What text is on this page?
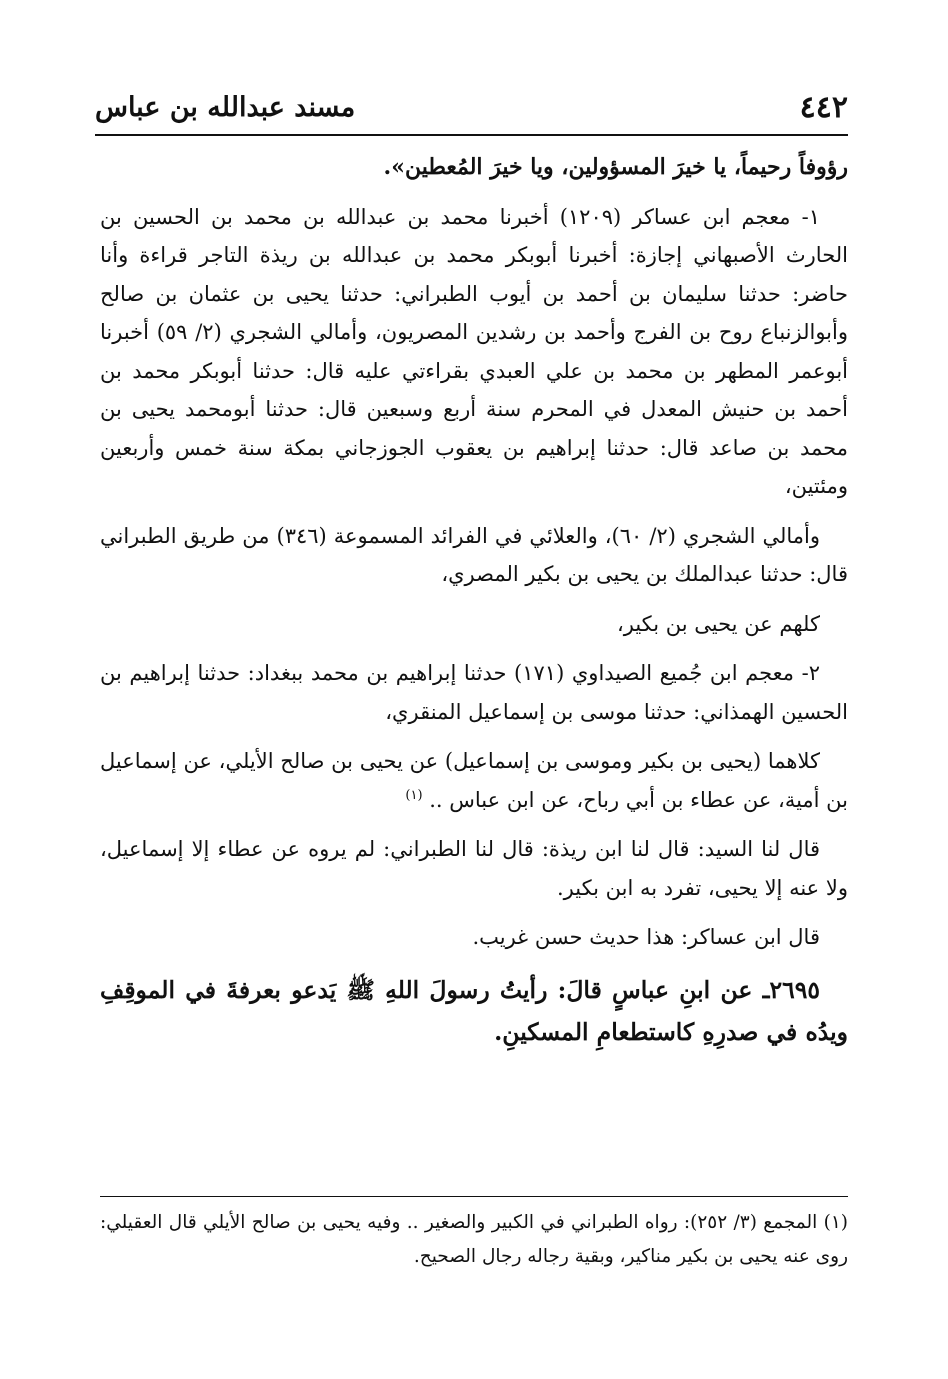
٤٤٢
مسند عبدالله بن عباس

رؤوفاً رحيماً، يا خيرَ المسؤولين، ويا خيرَ المُعطين».

١- معجم ابن عساكر (١٢٠٩) أخبرنا محمد بن عبدالله بن محمد بن الحسين بن الحارث الأصبهاني إجازة: أخبرنا أبوبكر محمد بن عبدالله بن ريذة التاجر قراءة وأنا حاضر: حدثنا سليمان بن أحمد بن أيوب الطبراني: حدثنا يحيى بن عثمان بن صالح وأبوالزنباع روح بن الفرج وأحمد بن رشدين المصريون، وأمالي الشجري (٢/ ٥٩) أخبرنا أبوعمر المطهر بن محمد بن علي العبدي بقراءتي عليه قال: حدثنا أبوبكر محمد بن أحمد بن حنيش المعدل في المحرم سنة أربع وسبعين قال: حدثنا أبومحمد يحيى بن محمد بن صاعد قال: حدثنا إبراهيم بن يعقوب الجوزجاني بمكة سنة خمس وأربعين ومئتين،

وأمالي الشجري (٢/ ٦٠)، والعلائي في الفرائد المسموعة (٣٤٦) من طريق الطبراني قال: حدثنا عبدالملك بن يحيى بن بكير المصري،

كلهم عن يحيى بن بكير،

٢- معجم ابن جُميع الصيداوي (١٧١) حدثنا إبراهيم بن محمد ببغداد: حدثنا إبراهيم بن الحسين الهمذاني: حدثنا موسى بن إسماعيل المنقري،

كلاهما (يحيى بن بكير وموسى بن إسماعيل) عن يحيى بن صالح الأيلي، عن إسماعيل بن أمية، عن عطاء بن أبي رباح، عن ابن عباس .. $^{(١)}$

قال لنا السيد: قال لنا ابن ريذة: قال لنا الطبراني: لم يروه عن عطاء إلا إسماعيل، ولا عنه إلا يحيى، تفرد به ابن بكير.

قال ابن عساكر: هذا حديث حسن غريب.

٢٦٩٥ـ عن ابنِ عباسٍ قالَ: رأيتُ رسولَ اللهِ ﷺ يَدعو بعرفةَ في الموقِفِ ويدُه في صدرِهِ كاستطعامِ المسكينِ.

(١) المجمع (٣/ ٢٥٢): رواه الطبراني في الكبير والصغير .. وفيه يحيى بن صالح الأيلي قال العقيلي: روى عنه يحيى بن بكير مناكير، وبقية رجاله رجال الصحيح.
